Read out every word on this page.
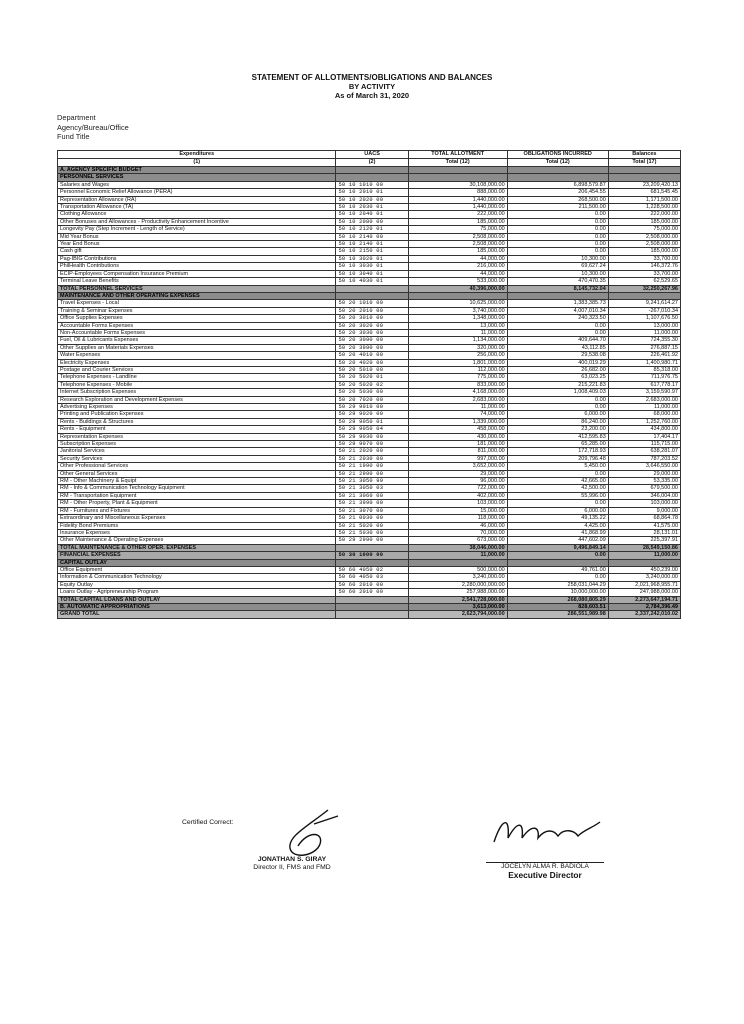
STATEMENT OF ALLOTMENTS/OBLIGATIONS AND BALANCES
BY ACTIVITY
As of March 31, 2020
Department
Agency/Bureau/Office
Fund Title
Expenditures	UACS	TOTAL ALLOTMENT	OBLIGATIONS INCURRED	Balances
(1)	(2)	Total (12)	Total (12)	Total (17)
A. AGENCY SPECIFIC BUDGET				
PERSONNEL SERVICES				
Salaries and Wages	50 10 1010 00	30,108,000.00	6,898,579.87	23,209,420.13
Personnel Economic Relief Allowance (PERA)	50 10 2010 01	888,000.00	206,454.55	681,545.45
Representation Allowance (RA)	50 10 2020 00	1,440,000.00	268,500.00	1,171,500.00
Transportation Allowance (TA)	50 10 2030 01	1,440,000.00	211,500.00	1,228,500.00
Clothing Allowance	50 10 2040 01	222,000.00	0.00	222,000.00
Other Bonuses and Allowances - Productivity Enhancement Incentive	50 10 2080 00	185,000.00	0.00	185,000.00
Longevity Pay (Step Increment - Length of Service)	50 10 2120 01	75,000.00	0.00	75,000.00
Mid Year Bonus	50 10 2140 00	2,508,000.00	0.00	2,508,000.00
Year End Bonus	50 10 2140 01	2,508,000.00	0.00	2,508,000.00
Cash gift	50 10 2150 01	185,000.00	0.00	185,000.00
Pag-IBIG Contributions	50 10 3020 01	44,000.00	10,300.00	33,700.00
PhilHealth Contributions	50 10 3030 01	216,000.00	69,627.24	146,372.76
ECIP-Employees Compensation Insurance Premium	50 10 3040 01	44,000.00	10,300.00	33,700.00
Terminal Leave Benefits	50 10 4030 01	533,000.00	470,470.35	62,529.65
TOTAL PERSONNEL SERVICES		40,396,000.00	8,145,732.04	32,250,267.96
MAINTENANCE AND OTHER OPERATING EXPENSES				
Travel Expenses - Local	50 20 1010 00	10,625,000.00	1,383,385.73	9,241,614.27
Training & Seminar Expenses	50 20 2010 00	3,740,000.00	4,007,010.34	-267,010.34
Office Supplies Expenses	50 20 3010 00	1,348,000.00	240,323.50	1,107,676.50
Accountable Forms Expenses	50 20 3020 00	13,000.00	0.00	13,000.00
Non-Accountable Forms Expenses	50 20 3030 00	11,000.00	0.00	11,000.00
Fuel, Oil & Lubricants Expenses	50 20 3090 00	1,134,000.00	409,644.70	724,355.30
Other Supplies an Materials Expenses	50 20 3990 00	320,000.00	43,112.85	276,887.15
Water Expenses	50 20 4010 00	256,000.00	29,538.08	226,461.92
Electricity Expenses	50 20 4020 00	1,801,000.00	400,019.29	1,400,980.71
Postage and Courier Services	50 20 5010 00	112,000.00	26,682.00	85,318.00
Telephone Expenses - Landline	50 20 5020 01	775,000.00	63,023.25	711,976.75
Telephone Expenses - Mobile	50 20 5020 02	833,000.00	215,221.83	617,778.17
Internet Subscription Expenses	50 20 5030 00	4,168,000.00	1,008,409.03	3,159,590.97
Research Exploration and Development Expenses	50 20 7020 00	2,683,000.00	0.00	2,683,000.00
Advertising Expenses	50 29 9010 00	11,000.00	0.00	11,000.00
Printing and Publication Expenses	50 29 9020 00	74,000.00	6,000.00	68,000.00
Rents - Buildings & Structures	50 29 9050 01	1,339,000.00	86,240.00	1,252,760.00
Rents - Equipment	50 29 9050 04	458,000.00	23,200.00	434,800.00
Representation Expenses	50 29 9030 00	430,000.00	412,595.83	17,404.17
Subscription Expenses	50 29 9070 00	181,000.00	65,285.00	115,715.00
Janitorial Services	50 21 2020 00	811,000.00	172,718.93	638,281.07
Security Services	50 21 2030 00	997,000.00	209,796.48	787,203.52
Other Professional Services	50 21 1990 00	3,652,000.00	5,450.00	3,646,550.00
Other General Services	50 21 2990 00	29,000.00	0.00	29,000.00
RM - Other Machinery & Equipt	50 21 3050 99	96,000.00	42,665.00	53,335.00
RM - Info & Communication Technology Equipment	50 21 3050 03	722,000.00	42,500.00	679,500.00
RM - Transportation Equipment	50 21 3060 00	402,000.00	55,996.00	346,004.00
RM - Other Property, Plant & Equipment	50 21 3990 00	103,000.00	0.00	103,000.00
RM - Furnitures and Fixtures	50 21 3070 00	15,000.00	6,000.00	9,000.00
Extraordinary and Miscellaneous Expenses	50 21 0030 00	118,000.00	49,135.22	68,864.78
Fidelity Bond Premiums	50 21 5020 00	46,000.00	4,425.00	41,575.00
Insurance Expenses	50 21 5030 00	70,000.00	41,868.99	28,131.01
Other Maintenance & Operating Expenses	50 29 2990 00	673,000.00	447,602.09	225,397.91
TOTAL MAINTENANCE & OTHER OPER. EXPENSES		38,046,000.00	9,496,849.14	28,549,150.86
FINANCIAL EXPENSES	50 30 1000 00	11,000.00	0.00	11,000.00
CAPITAL OUTLAY				
Office Equipment	50 60 4050 02	500,000.00	49,761.00	450,239.00
Information & Communication Technology	50 60 4050 03	3,240,000.00	0.00	3,240,000.00
Equity Outlay	50 60 2010 00	2,280,000,000.00	258,031,044.29	2,021,968,955.71
Loans Outlay - Agripreneurship Program	50 60 2010 00	257,988,000.00	10,000,000.00	247,988,000.00
TOTAL CAPITAL LOANS AND OUTLAY		2,541,728,000.00	268,080,805.29	2,273,647,194.71
B. AUTOMATIC APPROPRIATIONS		3,613,000.00	828,603.51	2,784,396.49
GRAND TOTAL		2,623,794,000.00	286,551,989.98	2,337,242,010.02
Certified Correct:
JONATHAN S. GIRAY
Director II, FMS and FMD	JOCELYN ALMA R. BADIOLA
Executive Director
